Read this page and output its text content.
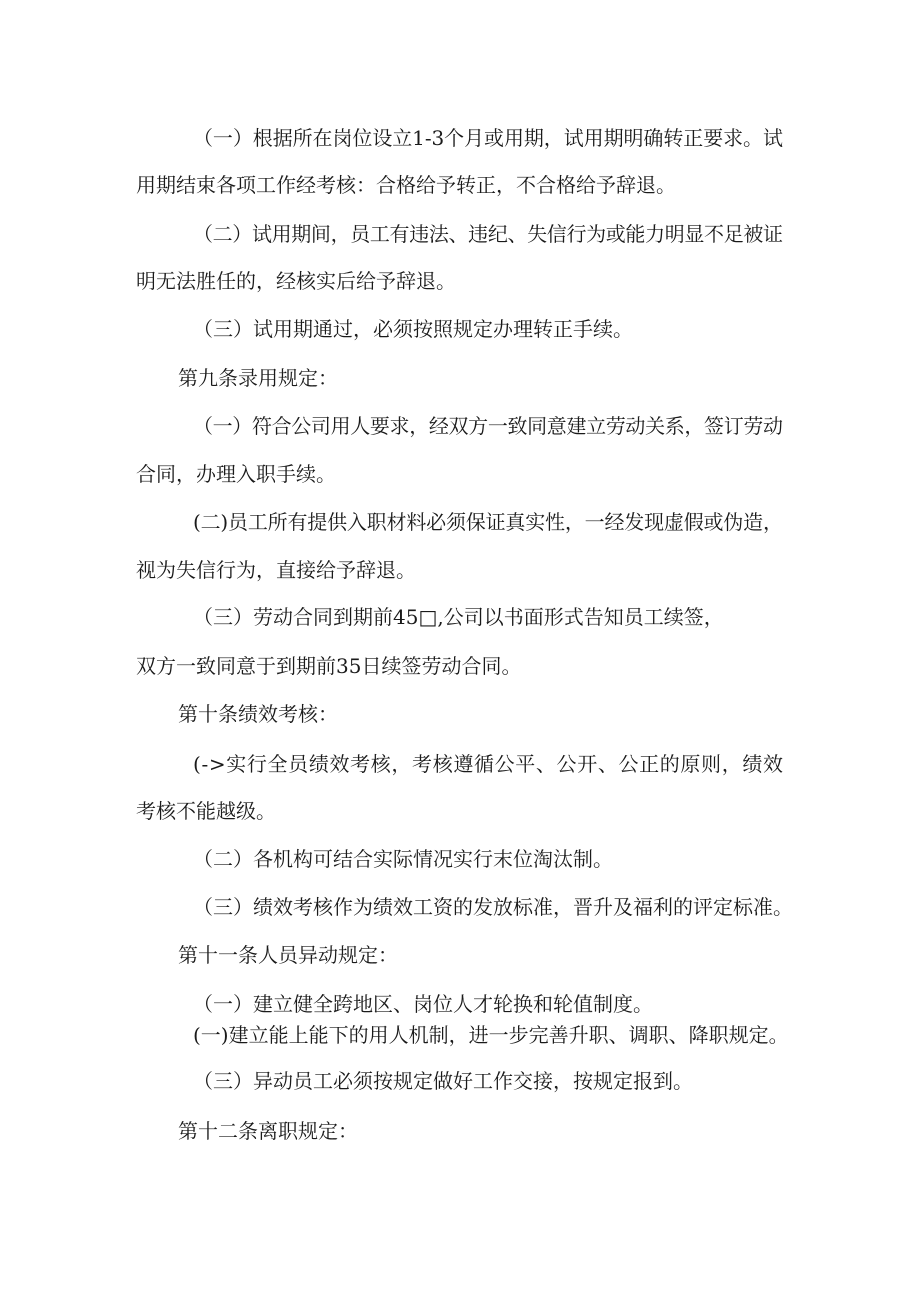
（一）根据所在岗位设立1-3个月或用期，试用期明确转正要求。试
用期结束各项工作经考核：合格给予转正，不合格给予辞退。
（二）试用期间，员工有违法、违纪、失信行为或能力明显不足被证
明无法胜任的，经核实后给予辞退。
（三）试用期通过，必须按照规定办理转正手续。
第九条录用规定：
（一）符合公司用人要求，经双方一致同意建立劳动关系，签订劳动
合同，办理入职手续。
(二)员工所有提供入职材料必须保证真实性，一经发现虚假或伪造，
视为失信行为，直接给予辞退。
（三）劳动合同到期前45□,公司以书面形式告知员工续签，
双方一致同意于到期前35日续签劳动合同。
第十条绩效考核：
(->实行全员绩效考核，考核遵循公平、公开、公正的原则，绩效
考核不能越级。
（二）各机构可结合实际情况实行末位淘汰制。
（三）绩效考核作为绩效工资的发放标准，晋升及福利的评定标准。
第十一条人员异动规定：
（一）建立健全跨地区、岗位人才轮换和轮值制度。
(一)建立能上能下的用人机制，进一步完善升职、调职、降职规定。
（三）异动员工必须按规定做好工作交接，按规定报到。
第十二条离职规定：
